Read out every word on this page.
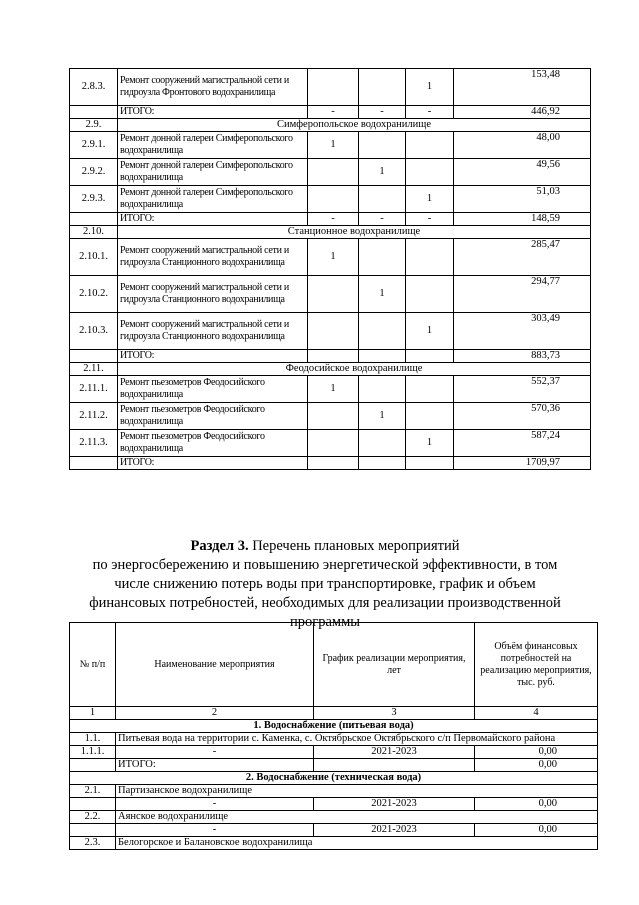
2.8.3.	Ремонт сооружений магистральной сети и гидроузла Фронтового водохранилища			1	153,48
	ИТОГО:	-	-	-	446,92
2.9.	Симферопольское водохранилище				
2.9.1.	Ремонт донной галереи Симферопольского водохранилища	1			48,00
2.9.2.	Ремонт донной галереи Симферопольского водохранилища		1		49,56
2.9.3.	Ремонт донной галереи Симферопольского водохранилища			1	51,03
	ИТОГО:	-	-	-	148,59
2.10.	Станционное водохранилище				
2.10.1.	Ремонт сооружений магистральной сети и гидроузла Станционного водохранилища	1			285,47
2.10.2.	Ремонт сооружений магистральной сети и гидроузла Станционного водохранилища		1		294,77
2.10.3.	Ремонт сооружений магистральной сети и гидроузла Станционного водохранилища			1	303,49
	ИТОГО:				883,73
2.11.	Феодосийское водохранилище				
2.11.1.	Ремонт пьезометров Феодосийского водохранилища	1			552,37
2.11.2.	Ремонт пьезометров Феодосийского водохранилища		1		570,36
2.11.3.	Ремонт пьезометров Феодосийского водохранилища			1	587,24
	ИТОГО:				1709,97
Раздел 3. Перечень плановых мероприятий
по энергосбережению и повышению энергетической эффективности, в том
числе снижению потерь воды при транспортировке, график и объем
финансовых потребностей, необходимых для реализации производственной
программы
№ п/п	Наименование мероприятия	График реализации мероприятия, лет	Объём финансовых потребностей на реализацию мероприятия, тыс. руб.
1	2	3	4
1. Водоснабжение (питьевая вода)			
1.1.	Питьевая вода на территории с. Каменка, с. Октябрьское Октябрьского с/п Первомайского района		
1.1.1.	-	2021-2023	0,00
	ИТОГО:		0,00
2. Водоснабжение (техническая вода)			
2.1.	Партизанское водохранилище		
	-	2021-2023	0,00
2.2.	Аянское водохранилище		
	-	2021-2023	0,00
2.3.	Белогорское и Балановское водохранилища		
